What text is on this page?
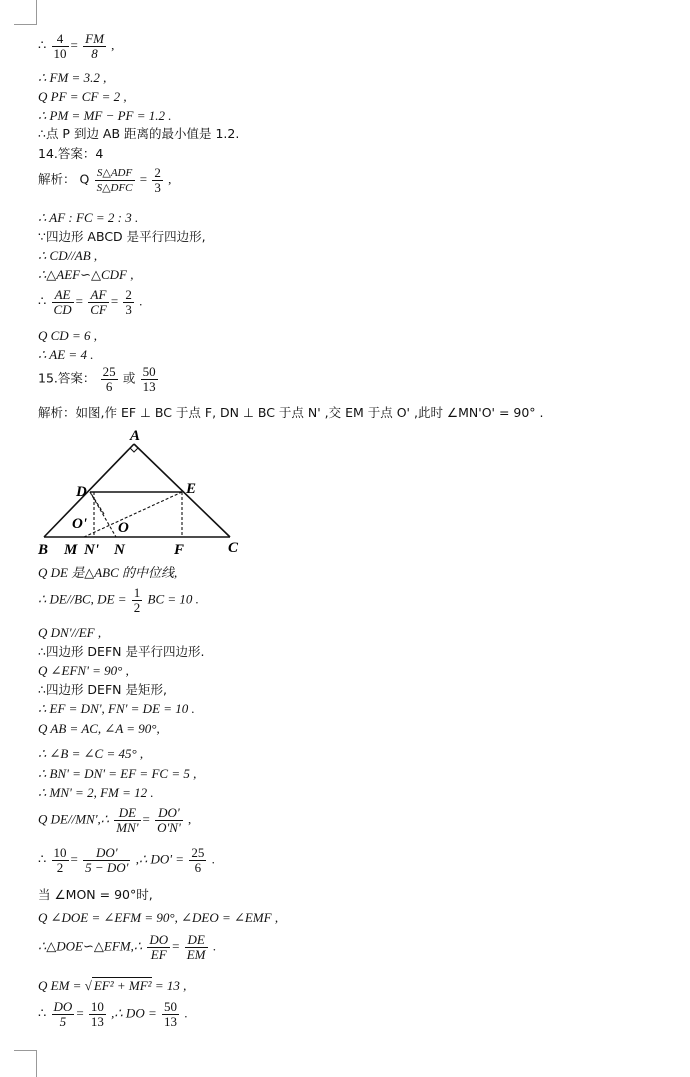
∴ $\frac{4}{10} = \frac{FM}{8}$ ,
∴ FM = 3.2 ,
Q PF = CF = 2 ,
∴ PM = MF − PF = 1.2 .
∴点 P 到边 AB 距离的最小值是 1.2.
14.答案：4
解析： Q $\frac{\text{S△ADF}}{\text{S△DFC}} = \frac{2}{3}$ ,
∴ AF : FC = 2 : 3 .
∵四边形 ABCD 是平行四边形,
∴ CD//AB ,
∴△AEF∽△CDF ,
∴ $\frac{AE}{CD} = \frac{AF}{CF} = \frac{2}{3}$ .
Q CD = 6 ,
∴ AE = 4 .
15.答案： $\frac{25}{6}$ 或 $\frac{50}{13}$
解析：如图,作 EF ⊥ BC 于点 F, DN ⊥ BC 于点 N' ,交 EM 于点 O' ,此时 ∠MN'O' = 90° .
A
D	E
O' O
B M N' N	F	C
Q DE 是△ABC 的中位线,
∴ DE//BC, DE = $\frac{1}{2}$ BC = 10 .
Q DN'//EF ,
∴四边形 DEFN 是平行四边形.
Q ∠EFN' = 90° ,
∴四边形 DEFN 是矩形,
∴ EF = DN', FN' = DE = 10 .
Q AB = AC, ∠A = 90°,
∴ ∠B = ∠C = 45° ,
∴ BN' = DN' = EF = FC = 5 ,
∴ MN' = 2, FM = 12 .
Q DE//MN',∴ $\frac{DE}{MN'} = \frac{DO'}{O'N'}$ ,
∴ $\frac{10}{2} = \frac{DO'}{5 - DO'}$ ,∴ $DO' = \frac{25}{6}$ .
当 ∠MON = 90°时,
Q ∠DOE = ∠EFM = 90°, ∠DEO = ∠EMF ,
∴△DOE∽△EFM,∴ $\frac{DO}{EF} = \frac{DE}{EM}$ .
Q EM = √ EF² + MF² = 13 ,
∴ $\frac{DO}{5} = \frac{10}{13}$ ,∴ DO = $\frac{50}{13}$ .
